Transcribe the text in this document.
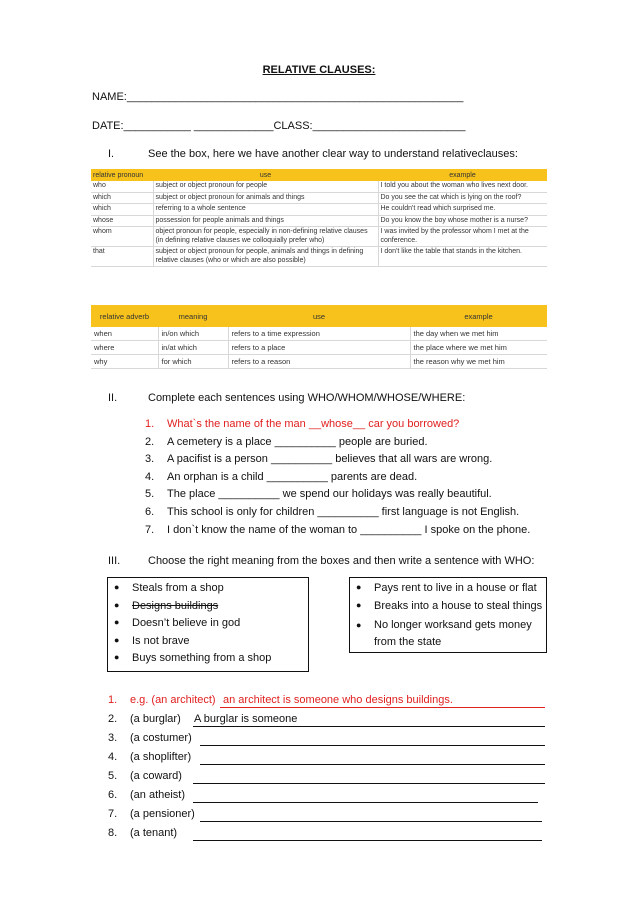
RELATIVE CLAUSES:
NAME:_______________________________________________________
DATE:___________ _____________CLASS:_________________________
I.	See the box, here we have another clear way to understand relativeclauses:
relative pronoun	use	example
who	subject or object pronoun for people	I told you about the woman who lives next door.
which	subject or object pronoun for animals and things	Do you see the cat which is lying on the roof?
which	referring to a whole sentence	He couldn't read which surprised me.
whose	possession for people animals and things	Do you know the boy whose mother is a nurse?
whom	object pronoun for people, especially in non-defining relative clauses (in defining relative clauses we colloquially prefer who)	I was invited by the professor whom I met at the conference.
that	subject or object pronoun for people, animals and things in defining relative clauses (who or which are also possible)	I don't like the table that stands in the kitchen.
relative adverb	meaning	use	example
when	in/on which	refers to a time expression	the day when we met him
where	in/at which	refers to a place	the place where we met him
why	for which	refers to a reason	the reason why we met him
II.	Complete each sentences using WHO/WHOM/WHOSE/WHERE:
1. What`s the name of the man __whose__ car you borrowed?
2. A cemetery is a place __________ people are buried.
3. A pacifist is a person __________ believes that all wars are wrong.
4. An orphan is a child __________ parents are dead.
5. The place __________ we spend our holidays was really beautiful.
6. This school is only for children __________ first language is not English.
7. I don`t know the name of the woman to __________ I spoke on the phone.
III.	Choose the right meaning from the boxes and then write a sentence with WHO:
● Steals from a shop
● Designs buildings
● Doesn’t believe in god
● Is not brave
● Buys something from a shop
● Pays rent to live in a house or flat
● Breaks into a house to steal things
● No longer worksand gets money from the state
1. e.g. (an architect) an architect is someone who designs buildings.
2. (a burglar) A burglar is someone
3. (a costumer)
4. (a shoplifter)
5. (a coward)
6. (an atheist)
7. (a pensioner)
8. (a tenant)
